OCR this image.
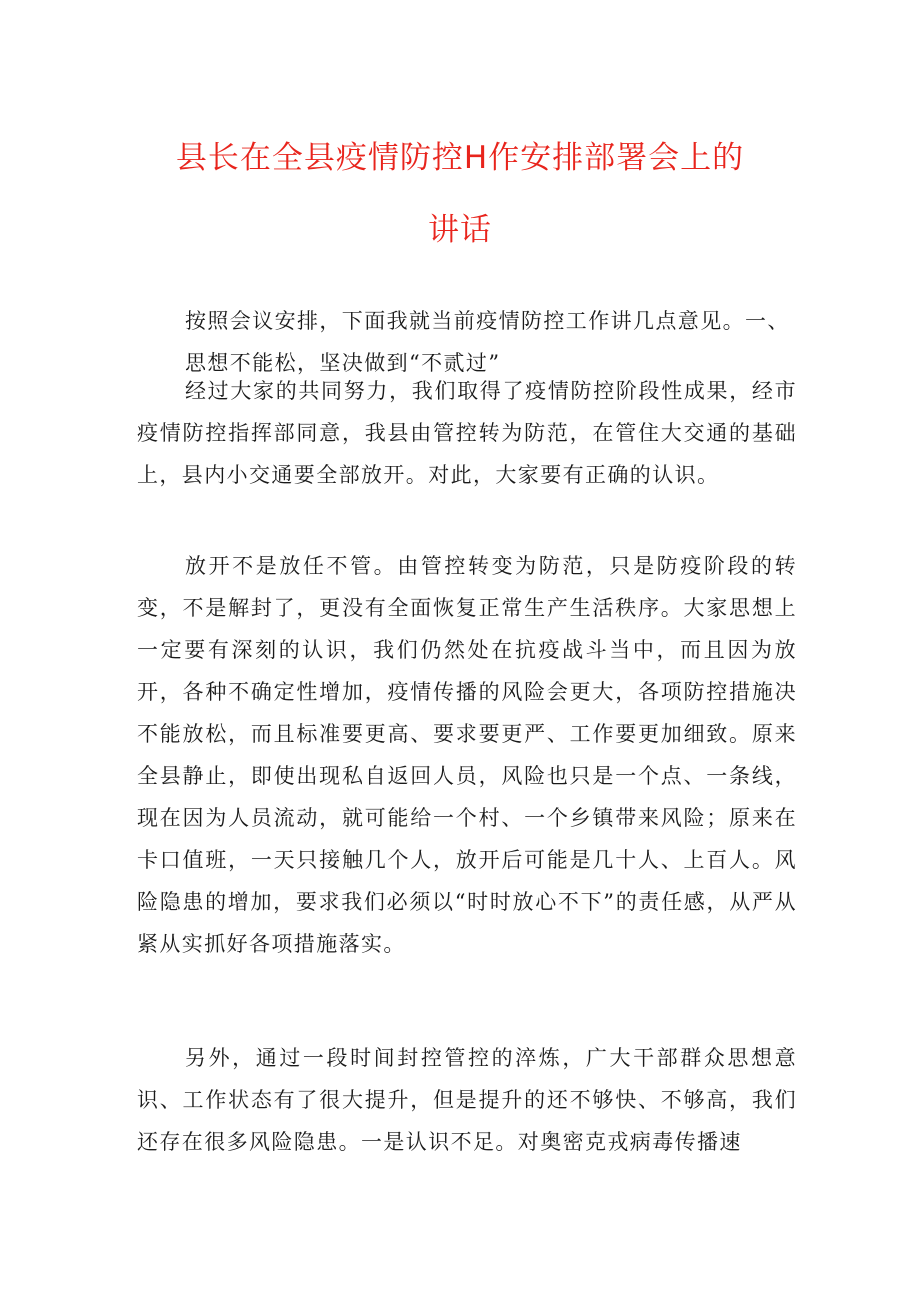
县长在全县疫情防控H作安排部署会上的
讲话

按照会议安排，下面我就当前疫情防控工作讲几点意见。一、

思想不能松，坚决做到“不贰过”

经过大家的共同努力，我们取得了疫情防控阶段性成果，经市疫情防控指挥部同意，我县由管控转为防范，在管住大交通的基础上，县内小交通要全部放开。对此，大家要有正确的认识。

放开不是放任不管。由管控转变为防范，只是防疫阶段的转变，不是解封了，更没有全面恢复正常生产生活秩序。大家思想上一定要有深刻的认识，我们仍然处在抗疫战斗当中，而且因为放开，各种不确定性增加，疫情传播的风险会更大，各项防控措施决不能放松，而且标准要更高、要求要更严、工作要更加细致。原来全县静止，即使出现私自返回人员，风险也只是一个点、一条线，现在因为人员流动，就可能给一个村、一个乡镇带来风险；原来在卡口值班，一天只接触几个人，放开后可能是几十人、上百人。风险隐患的增加，要求我们必须以“时时放心不下”的责任感，从严从紧从实抓好各项措施落实。

另外，通过一段时间封控管控的淬炼，广大干部群众思想意识、工作状态有了很大提升，但是提升的还不够快、不够高，我们还存在很多风险隐患。一是认识不足。对奥密克戎病毒传播速
